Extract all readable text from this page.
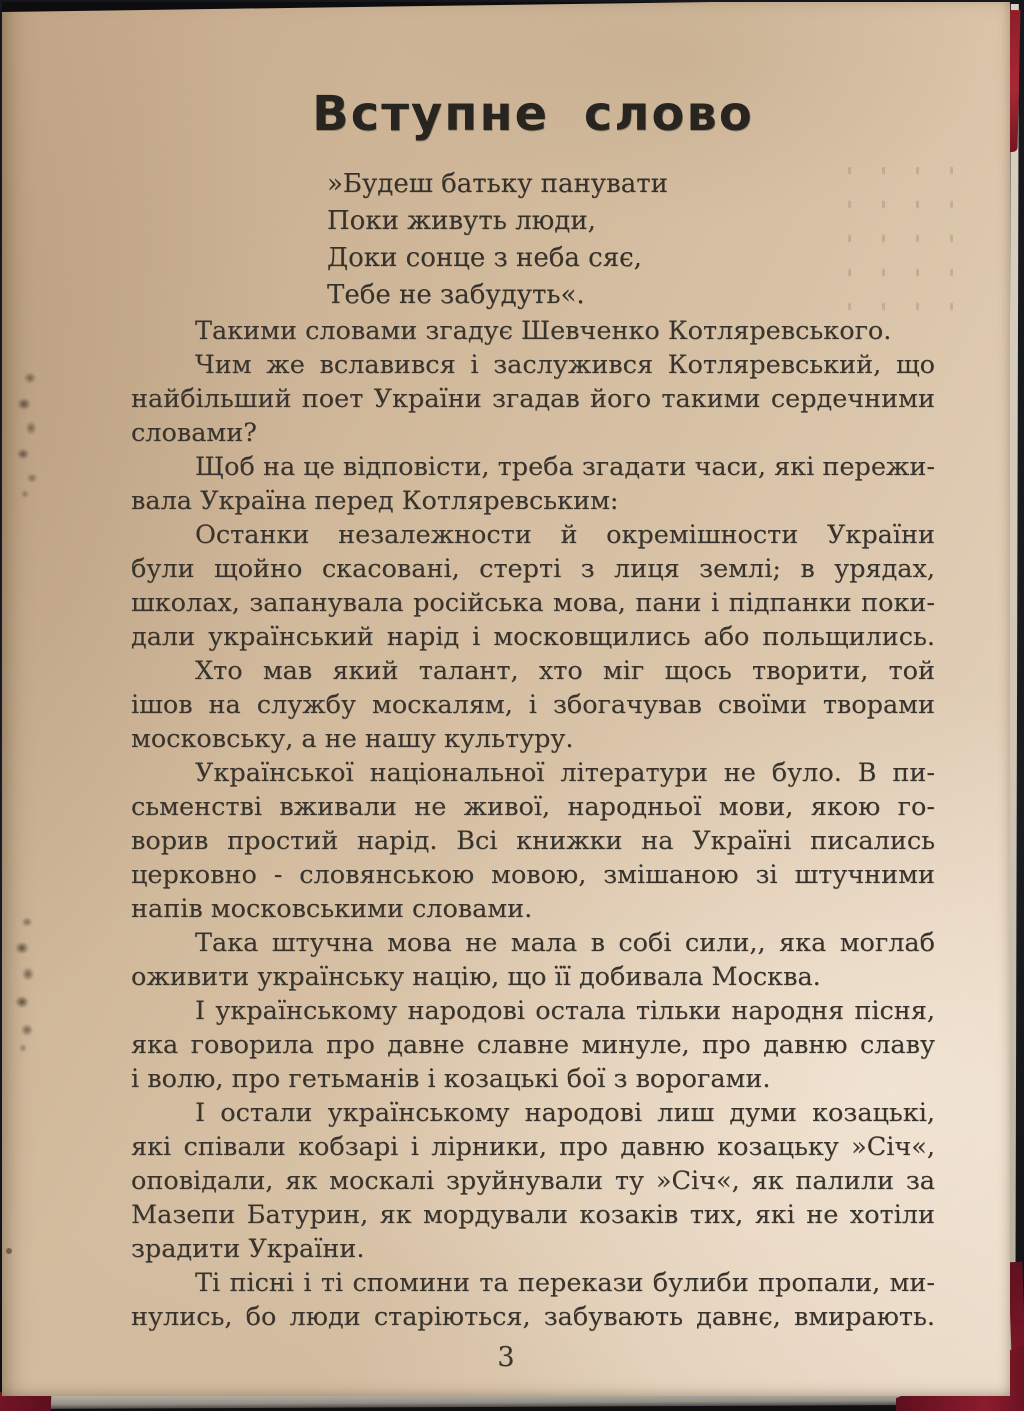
Вступне слово
»Будеш батьку панувати
Поки живуть люди,
Доки сонце з неба сяє,
Тебе не забудуть«.
Такими словами згадує Шевченко Котляревського.
Чим же вславився і заслужився Котляревський, що
найбільший поет України згадав його такими сердечними
словами?
Щоб на це відповісти, треба згадати часи, які пережи-
вала Україна перед Котляревським:
Останки незалежности й окремішности України
були щойно скасовані, стерті з лиця землі; в урядах,
школах, запанувала російська мова, пани і підпанки поки-
дали український нарід і московщились або польщились.
Хто мав який талант, хто міг щось творити, той
ішов на службу москалям, і збогачував своїми творами
московську, а не нашу культуру.
Української національної літератури не було. В пи-
сьменстві вживали не живої, народньої мови, якою го-
ворив простий нарід. Всі книжки на Україні писались
церковно - словянською мовою, змішаною зі штучними
напів московськими словами.
Така штучна мова не мала в собі сили,, яка моглаб
оживити українську націю, що її добивала Москва.
І українському народові остала тільки народня пісня,
яка говорила про давне славне минуле, про давню славу
і волю, про гетьманів і козацькі бої з ворогами.
І остали українському народові лиш думи козацькі,
які співали кобзарі і лірники, про давню козацьку »Січ«,
оповідали, як москалі зруйнували ту »Січ«, як палили за
Мазепи Батурин, як мордували козаків тих, які не хотіли
зрадити України.
Ті пісні і ті спомини та перекази булиби пропали, ми-
нулись, бо люди старіються, забувають давнє, вмирають.
3
